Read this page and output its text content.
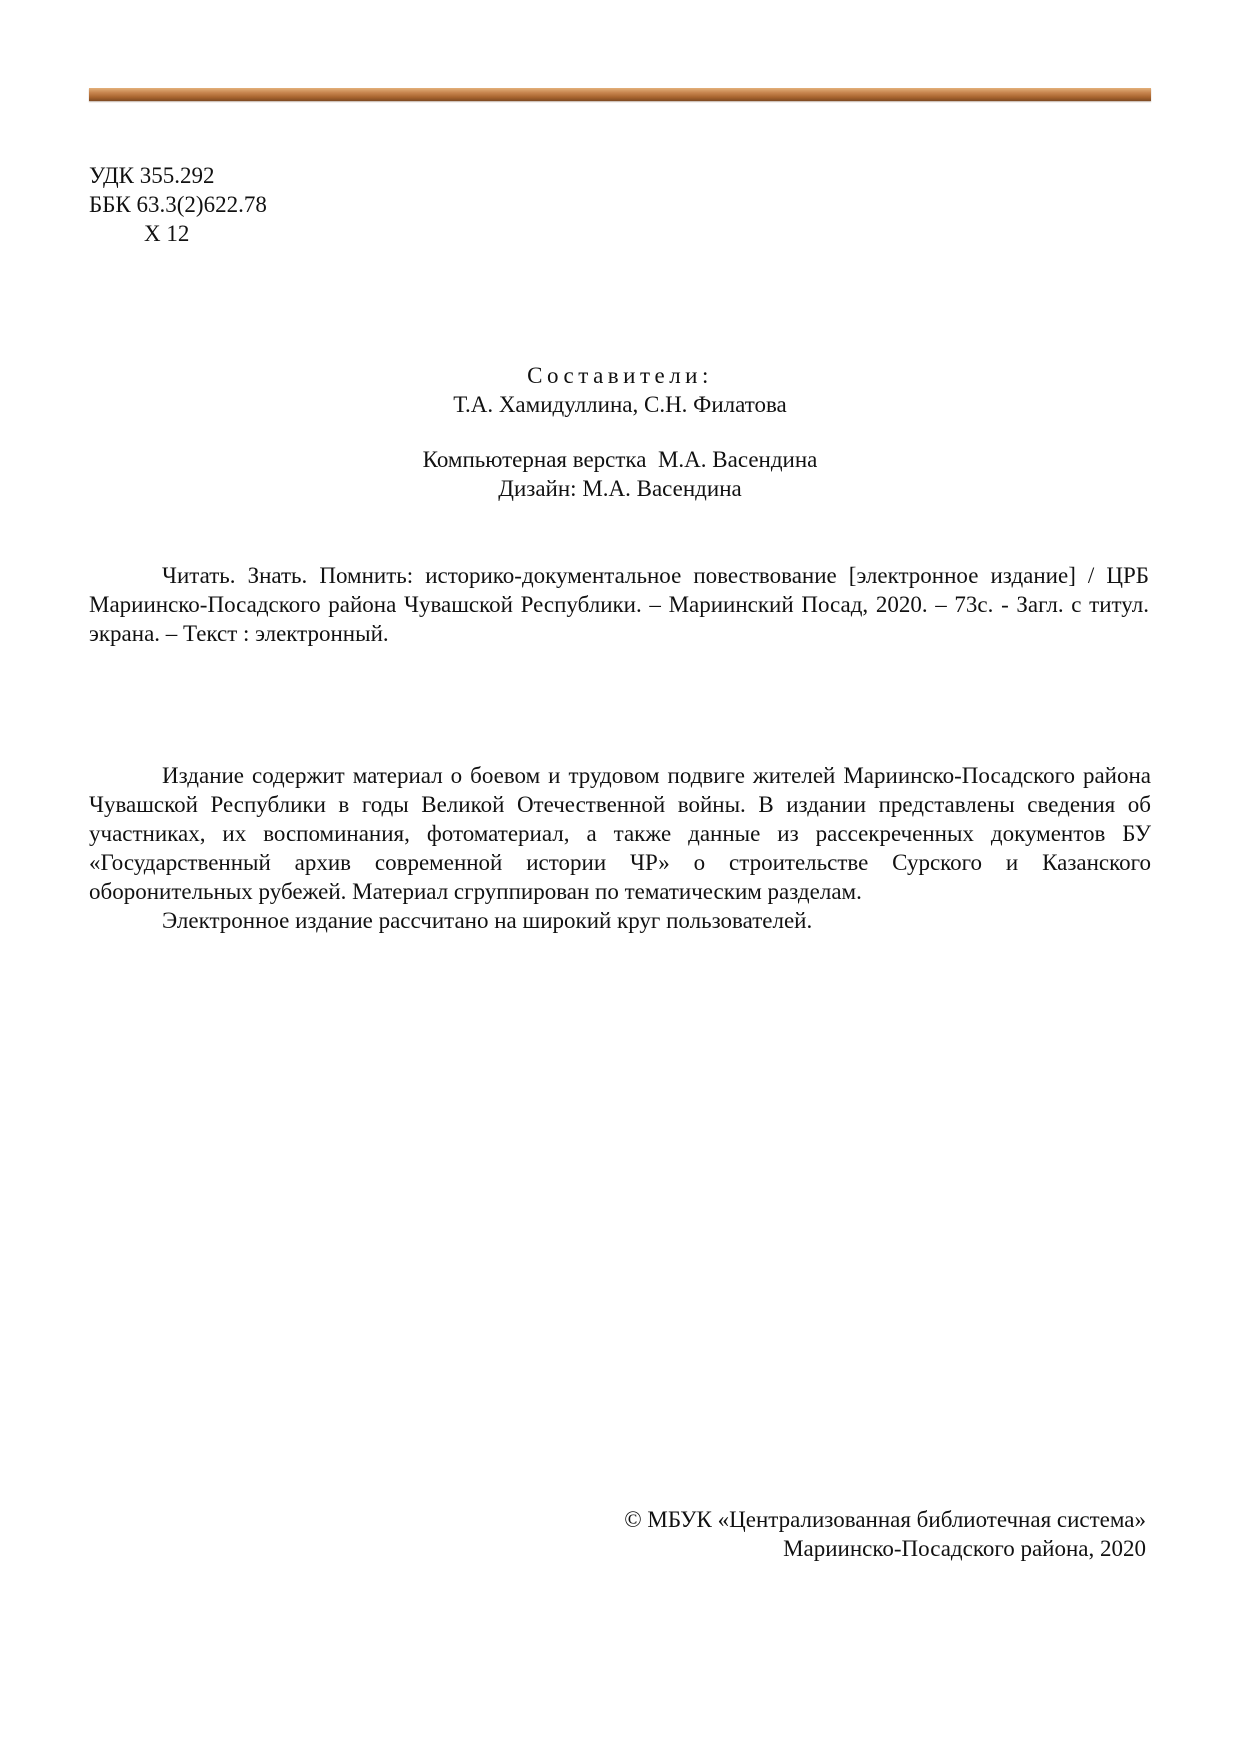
УДК 355.292
ББК 63.3(2)622.78
Х 12
Составители:
Т.А. Хамидуллина, С.Н. Филатова
Компьютерная верстка  М.А. Васендина
Дизайн: М.А. Васендина

Читать. Знать. Помнить: историко-документальное повествование [электронное издание] / ЦРБ Мариинско-Посадского района Чувашской Республики. – Мариинский Посад, 2020. – 73с. - Загл. с титул. экрана. – Текст : электронный.

Издание содержит материал о боевом и трудовом подвиге жителей Мариинско-Посадского района Чувашской Республики в годы Великой Отечественной войны. В издании представлены сведения об участниках, их воспоминания, фотоматериал, а также данные из рассекреченных документов БУ «Государственный архив современной истории ЧР» о строительстве Сурского и Казанского оборонительных рубежей. Материал сгруппирован по тематическим разделам.

Электронное издание рассчитано на широкий круг пользователей.

© МБУК «Централизованная библиотечная система»
Мариинско-Посадского района, 2020
